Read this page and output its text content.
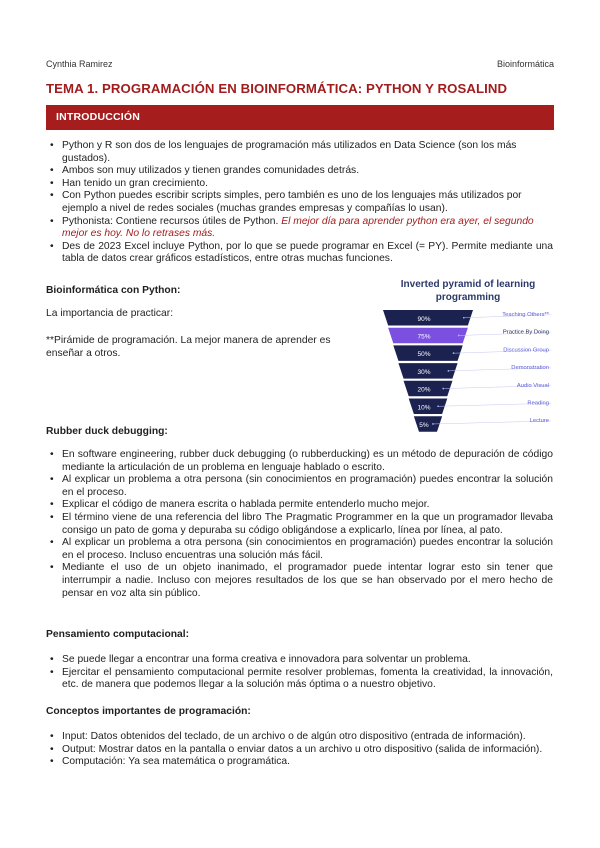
Cynthia Ramirez	Bioinformática
TEMA 1. PROGRAMACIÓN EN BIOINFORMÁTICA: PYTHON Y ROSALIND
INTRODUCCIÓN
• Python y R son dos de los lenguajes de programación más utilizados en Data Science (son los más gustados).
• Ambos son muy utilizados y tienen grandes comunidades detrás.
• Han tenido un gran crecimiento.
• Con Python puedes escribir scripts simples, pero también es uno de los lenguajes más utilizados por ejemplo a nivel de redes sociales (muchas grandes empresas y compañías lo usan).
• Pythonista: Contiene recursos útiles de Python. El mejor día para aprender python era ayer, el segundo mejor es hoy. No lo retrases más.
• Des de 2023 Excel incluye Python, por lo que se puede programar en Excel (= PY). Permite mediante una tabla de datos crear gráficos estadísticos, entre otras muchas funciones.
Bioinformática con Python:
La importancia de practicar:
**Pirámide de programación. La mejor manera de aprender es enseñar a otros.
Inverted pyramid of learning programming
90%
Teaching Others**
75%
Practice By Doing
50%
Discussion Group
30%
Demonstration
20%
Audio Visual
10%
Reading
5%
Lecture
Rubber duck debugging:
• En software engineering, rubber duck debugging (o rubberducking) es un método de depuración de código mediante la articulación de un problema en lenguaje hablado o escrito.
• Al explicar un problema a otra persona (sin conocimientos en programación) puedes encontrar la solución en el proceso.
• Explicar el código de manera escrita o hablada permite entenderlo mucho mejor.
• El término viene de una referencia del libro The Pragmatic Programmer en la que un programador llevaba consigo un pato de goma y depuraba su código obligándose a explicarlo, línea por línea, al pato.
• Al explicar un problema a otra persona (sin conocimientos en programación) puedes encontrar la solución en el proceso. Incluso encuentras una solución más fácil.
• Mediante el uso de un objeto inanimado, el programador puede intentar lograr esto sin tener que interrumpir a nadie. Incluso con mejores resultados de los que se han observado por el mero hecho de pensar en voz alta sin público.
Pensamiento computacional:
• Se puede llegar a encontrar una forma creativa e innovadora para solventar un problema.
• Ejercitar el pensamiento computacional permite resolver problemas, fomenta la creatividad, la innovación, etc. de manera que podemos llegar a la solución más óptima o a nuestro objetivo.
Conceptos importantes de programación:
• Input: Datos obtenidos del teclado, de un archivo o de algún otro dispositivo (entrada de información).
• Output: Mostrar datos en la pantalla o enviar datos a un archivo u otro dispositivo (salida de información).
• Computación: Ya sea matemática o programática.
